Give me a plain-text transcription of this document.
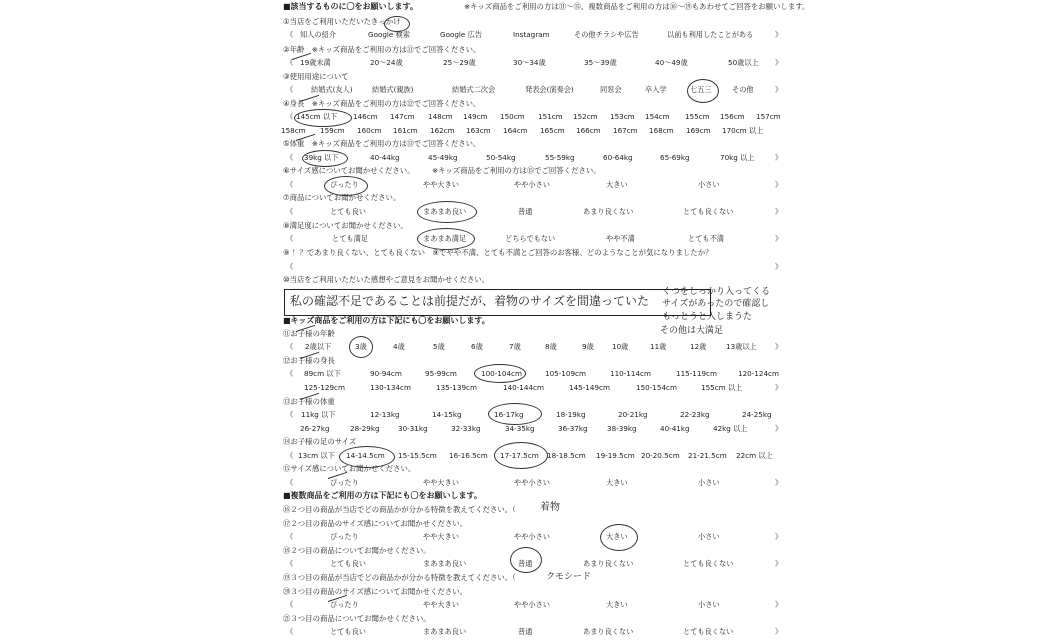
■該当するものに〇をお願いします。	※キッズ商品をご利用の方は⑪～⑮、複数商品をご利用の方は⑯～⑲もあわせてご回答をお願いします。
①当店をご利用いただいたきっかけ
②年齢　※キッズ商品をご利用の方は⑪でご回答ください。
③使用用途について
④身長　※キッズ商品をご利用の方は⑫でご回答ください。
⑤体重　※キッズ商品をご利用の方は⑬でご回答ください。
⑥サイズ感についてお聞かせください。 ※キッズ商品をご利用の方は⑮でご回答ください。
⑦商品についてお聞かせください。
⑧満足度についてお聞かせください。
⑨ ！？であまり良くない、とても良くない　⑨でやや不満、とても不満とご回答のお客様、どのようなことが気になりましたか？
⑩当店をご利用いただいた感想やご意見をお聞かせください。
■キッズ商品をご利用の方は下記にも〇をお願いします。
⑪お子様の年齢
⑫お子様の身長
⑬お子様の体重
⑭お子様の足のサイズ
⑮サイズ感についてお聞かせください。
■複数商品をご利用の方は下記にも〇をお願いします。
⑯２つ目の商品が当店でどの商品かが分かる特徴を教えてください。（
⑰２つ目の商品のサイズ感についてお聞かせください。
⑱２つ目の商品についてお聞かせください。
⑲３つ目の商品が当店でどの商品かが分かる特徴を教えてください。（
⑳３つ目の商品のサイズ感についてお聞かせください。
㉑３つ目の商品についてお聞かせください。
《 知人の紹介	Google 検索	Google 広告	Instagram	その他チラシや広告	以前も利用したことがある	》
《 19歳未満	20～24歳	25～29歳	30～34歳	35～39歳	40～49歳	50歳以上 》
《 結婚式(友人)	結婚式(親族)	結婚式二次会	発表会(演奏会)	同窓会	卒入学	七五三	その他	》
《 145cm 以下 146cm 147cm 148cm 149cm 150cm 151cm 152cm 153cm 154cm 155cm 156cm 157cm
158cm 159cm 160cm 161cm 162cm 163cm 164cm 165cm 166cm 167cm 168cm 169cm 170cm 以上
《 39kg 以下	40-44kg	45-49kg	50-54kg	55-59kg	60-64kg	65-69kg	70kg 以上	》
《	ぴったり	やや大きい	やや小さい	大きい	小さい	》
《	とても良い	まあまあ良い	普通	あまり良くない	とても良くない	》
《	とても満足	まあまあ満足	どちらでもない	やや不満	とても不満	》
《	》
《 2歳以下	3歳	4歳	5歳	6歳	7歳	8歳	9歳	10歳	11歳	12歳	13歳以上	》
《 89cm 以下	90-94cm	95-99cm	100-104cm	105-109cm	110-114cm	115-119cm	120-124cm
125-129cm	130-134cm	135-139cm	140-144cm	145-149cm	150-154cm	155cm 以上	》
《 11kg 以下	12-13kg	14-15kg	16-17kg	18-19kg	20-21kg	22-23kg	24-25kg
26-27kg	28-29kg	30-31kg	32-33kg	34-35kg	36-37kg	38-39kg	40-41kg	42kg 以上	》
《 13cm 以下 14-14.5cm 15-15.5cm 16-16.5cm 17-17.5cm 18-18.5cm 19-19.5cm 20-20.5cm 21-21.5cm 22cm 以上
《	ぴったり	やや大きい	やや小さい	大きい	小さい	》
《	ぴったり	やや大きい	やや小さい	大きい	小さい	》
《	とても良い	まあまあ良い	普通	あまり良くない	とても良くない	》
《	ぴったり	やや大きい	やや小さい	大きい	小さい	》
《	とても良い	まあまあ良い	普通	あまり良くない	とても良くない	》
私の確認不足であることは前提だが、着物のサイズを間違っていた
くつをしっかり入ってくる
サイズがあったので確認し
もっとうと入しまうた
その他は大満足
着物
クモシード
